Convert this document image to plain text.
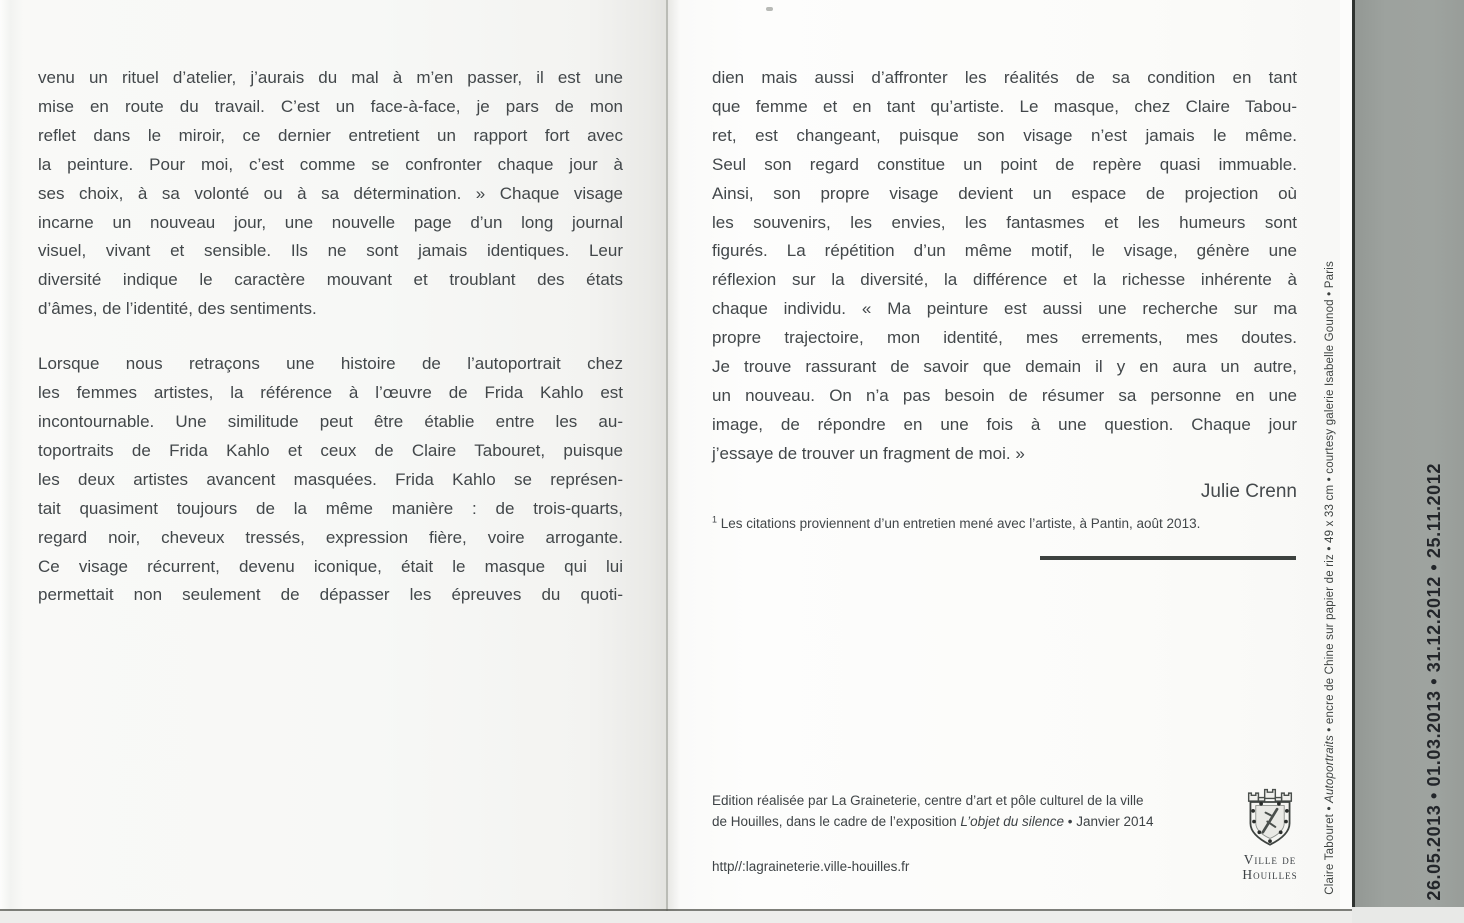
venu un rituel d’atelier, j’aurais du mal à m’en passer, il est une
mise en route du travail. C’est un face-à-face, je pars de mon
reflet dans le miroir, ce dernier entretient un rapport fort avec
la peinture. Pour moi, c’est comme se confronter chaque jour à
ses choix, à sa volonté ou à sa détermination. » Chaque visage
incarne un nouveau jour, une nouvelle page d’un long journal
visuel, vivant et sensible. Ils ne sont jamais identiques. Leur
diversité indique le caractère mouvant et troublant des états
d’âmes, de l’identité, des sentiments.
Lorsque nous retraçons une histoire de l’autoportrait chez
les femmes artistes, la référence à l’œuvre de Frida Kahlo est
incontournable. Une similitude peut être établie entre les au-
toportraits de Frida Kahlo et ceux de Claire Tabouret, puisque
les deux artistes avancent masquées. Frida Kahlo se représen-
tait quasiment toujours de la même manière : de trois-quarts,
regard noir, cheveux tressés, expression fière, voire arrogante.
Ce visage récurrent, devenu iconique, était le masque qui lui
permettait non seulement de dépasser les épreuves du quoti-
dien mais aussi d’affronter les réalités de sa condition en tant
que femme et en tant qu’artiste. Le masque, chez Claire Tabou-
ret, est changeant, puisque son visage n’est jamais le même.
Seul son regard constitue un point de repère quasi immuable.
Ainsi, son propre visage devient un espace de projection où
les souvenirs, les envies, les fantasmes et les humeurs sont
figurés. La répétition d’un même motif, le visage, génère une
réflexion sur la diversité, la différence et la richesse inhérente à
chaque individu. « Ma peinture est aussi une recherche sur ma
propre trajectoire, mon identité, mes errements, mes doutes.
Je trouve rassurant de savoir que demain il y en aura un autre,
un nouveau. On n’a pas besoin de résumer sa personne en une
image, de répondre en une fois à une question. Chaque jour
j’essaye de trouver un fragment de moi. »
Julie Crenn
$^1$ Les citations proviennent d’un entretien mené avec l’artiste, à Pantin, août 2013.
Edition réalisée par La Graineterie, centre d’art et pôle culturel de la ville
de Houilles, dans le cadre de l’exposition L’objet du silence • Janvier 2014
http//:lagraineterie.ville-houilles.fr	Ville de
Houilles	Claire Tabouret • Autoportraits • encre de Chine sur papier de riz • 49 x 33 cm • courtesy galerie Isabelle Gounod • Paris	26.05.2013 • 01.03.2013 • 31.12.2012 • 25.11.2012
